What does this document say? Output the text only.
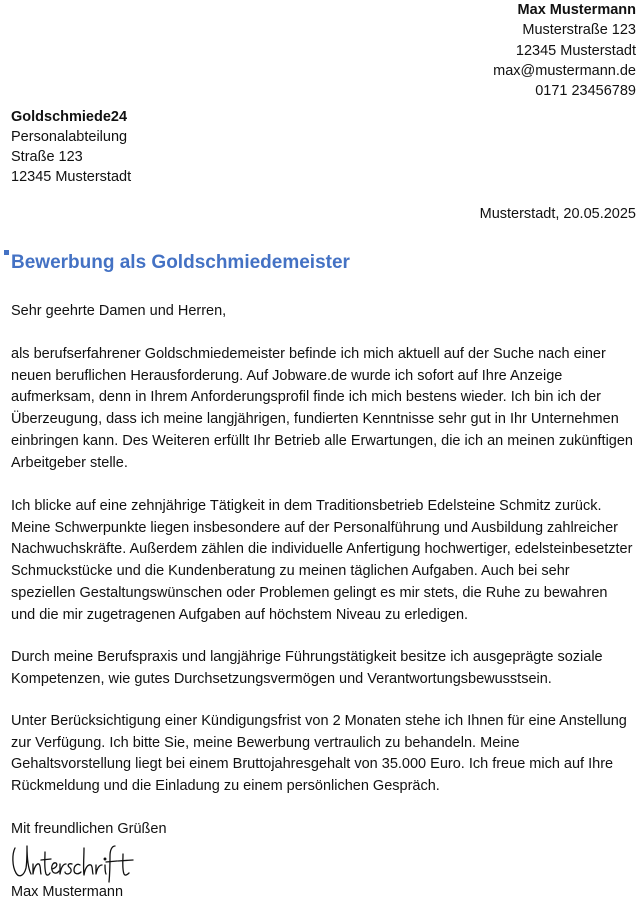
Max Mustermann
Musterstraße 123
12345 Musterstadt
max@mustermann.de
0171 23456789
Goldschmiede24
Personalabteilung
Straße 123
12345 Musterstadt
Musterstadt, 20.05.2025
Bewerbung als Goldschmiedemeister
Sehr geehrte Damen und Herren,

als berufserfahrener Goldschmiedemeister befinde ich mich aktuell auf der Suche nach einer neuen beruflichen Herausforderung. Auf Jobware.de wurde ich sofort auf Ihre Anzeige aufmerksam, denn in Ihrem Anforderungsprofil finde ich mich bestens wieder. Ich bin ich der Überzeugung, dass ich meine langjährigen, fundierten Kenntnisse sehr gut in Ihr Unternehmen einbringen kann. Des Weiteren erfüllt Ihr Betrieb alle Erwartungen, die ich an meinen zukünftigen Arbeitgeber stelle.

Ich blicke auf eine zehnjährige Tätigkeit in dem Traditionsbetrieb Edelsteine Schmitz zurück. Meine Schwerpunkte liegen insbesondere auf der Personalführung und Ausbildung zahlreicher Nachwuchskräfte. Außerdem zählen die individuelle Anfertigung hochwertiger, edelsteinbesetzter Schmuckstücke und die Kundenberatung zu meinen täglichen Aufgaben. Auch bei sehr speziellen Gestaltungswünschen oder Problemen gelingt es mir stets, die Ruhe zu bewahren und die mir zugetragenen Aufgaben auf höchstem Niveau zu erledigen.

Durch meine Berufspraxis und langjährige Führungstätigkeit besitze ich ausgeprägte soziale Kompetenzen, wie gutes Durchsetzungsvermögen und Verantwortungsbewusstsein.

Unter Berücksichtigung einer Kündigungsfrist von 2 Monaten stehe ich Ihnen für eine Anstellung zur Verfügung. Ich bitte Sie, meine Bewerbung vertraulich zu behandeln. Meine Gehaltsvorstellung liegt bei einem Bruttojahresgehalt von 35.000 Euro. Ich freue mich auf Ihre Rückmeldung und die Einladung zu einem persönlichen Gespräch.

Mit freundlichen Grüßen
Max Mustermann
